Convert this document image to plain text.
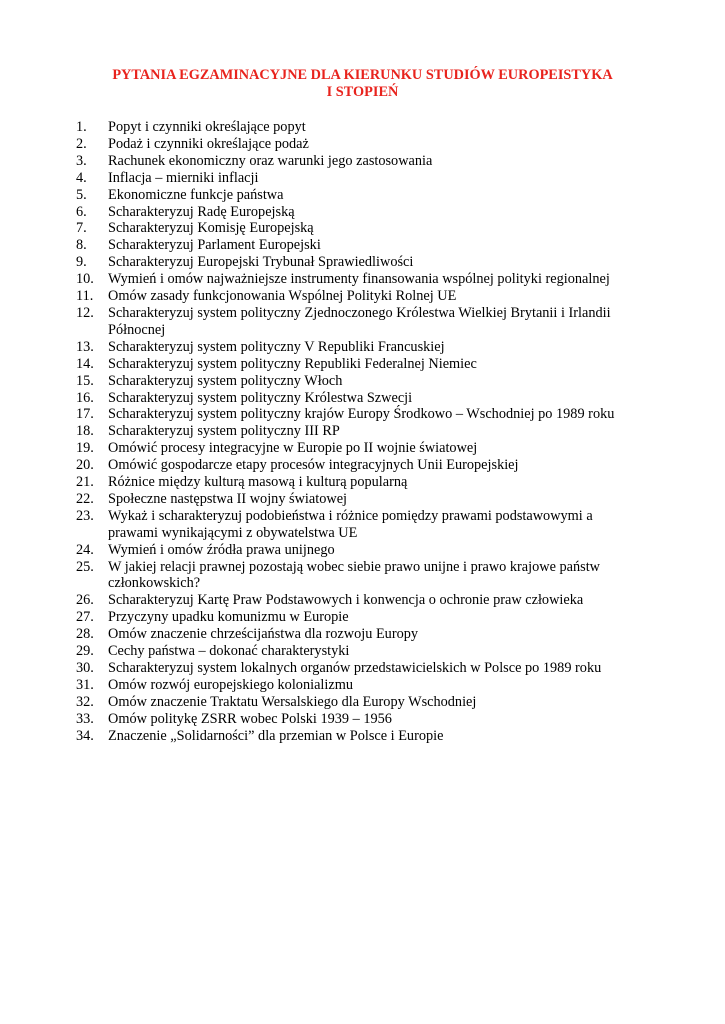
PYTANIA EGZAMINACYJNE DLA KIERUNKU STUDIÓW EUROPEISTYKA
I STOPIEŃ
1.	Popyt i czynniki określające popyt
2.	Podaż i czynniki określające podaż
3.	Rachunek ekonomiczny oraz warunki jego zastosowania
4.	Inflacja – mierniki inflacji
5.	Ekonomiczne funkcje państwa
6.	Scharakteryzuj Radę Europejską
7.	Scharakteryzuj Komisję Europejską
8.	Scharakteryzuj Parlament Europejski
9.	Scharakteryzuj Europejski Trybunał Sprawiedliwości
10. Wymień i omów najważniejsze instrumenty finansowania wspólnej polityki regionalnej
11.	Omów zasady funkcjonowania Wspólnej Polityki Rolnej UE
12. Scharakteryzuj system polityczny Zjednoczonego Królestwa Wielkiej Brytanii i Irlandii Północnej
13. Scharakteryzuj system polityczny V Republiki Francuskiej
14. Scharakteryzuj system polityczny Republiki Federalnej Niemiec
15. Scharakteryzuj system polityczny Włoch
16. Scharakteryzuj system polityczny Królestwa Szwecji
17. Scharakteryzuj system polityczny krajów Europy Środkowo – Wschodniej po 1989 roku
18. Scharakteryzuj system polityczny III RP
19. Omówić procesy integracyjne w Europie po II wojnie światowej
20. Omówić gospodarcze etapy procesów integracyjnych Unii Europejskiej
21. Różnice między kulturą masową i kulturą popularną
22. Społeczne następstwa II wojny światowej
23. Wykaż i scharakteryzuj podobieństwa i różnice pomiędzy prawami podstawowymi a prawami wynikającymi z obywatelstwa UE
24. Wymień i omów źródła prawa unijnego
25. W jakiej relacji prawnej pozostają wobec siebie prawo unijne i prawo krajowe państw członkowskich?
26. Scharakteryzuj Kartę Praw Podstawowych i konwencja o ochronie praw człowieka
27. Przyczyny upadku komunizmu w Europie
28. Omów znaczenie chrześcijaństwa dla rozwoju Europy
29. Cechy państwa – dokonać charakterystyki
30. Scharakteryzuj system lokalnych organów przedstawicielskich w Polsce po 1989 roku
31. Omów rozwój europejskiego kolonializmu
32. Omów znaczenie Traktatu Wersalskiego dla Europy Wschodniej
33. Omów politykę ZSRR wobec Polski 1939 – 1956
34. Znaczenie „Solidarności” dla przemian w Polsce i Europie
